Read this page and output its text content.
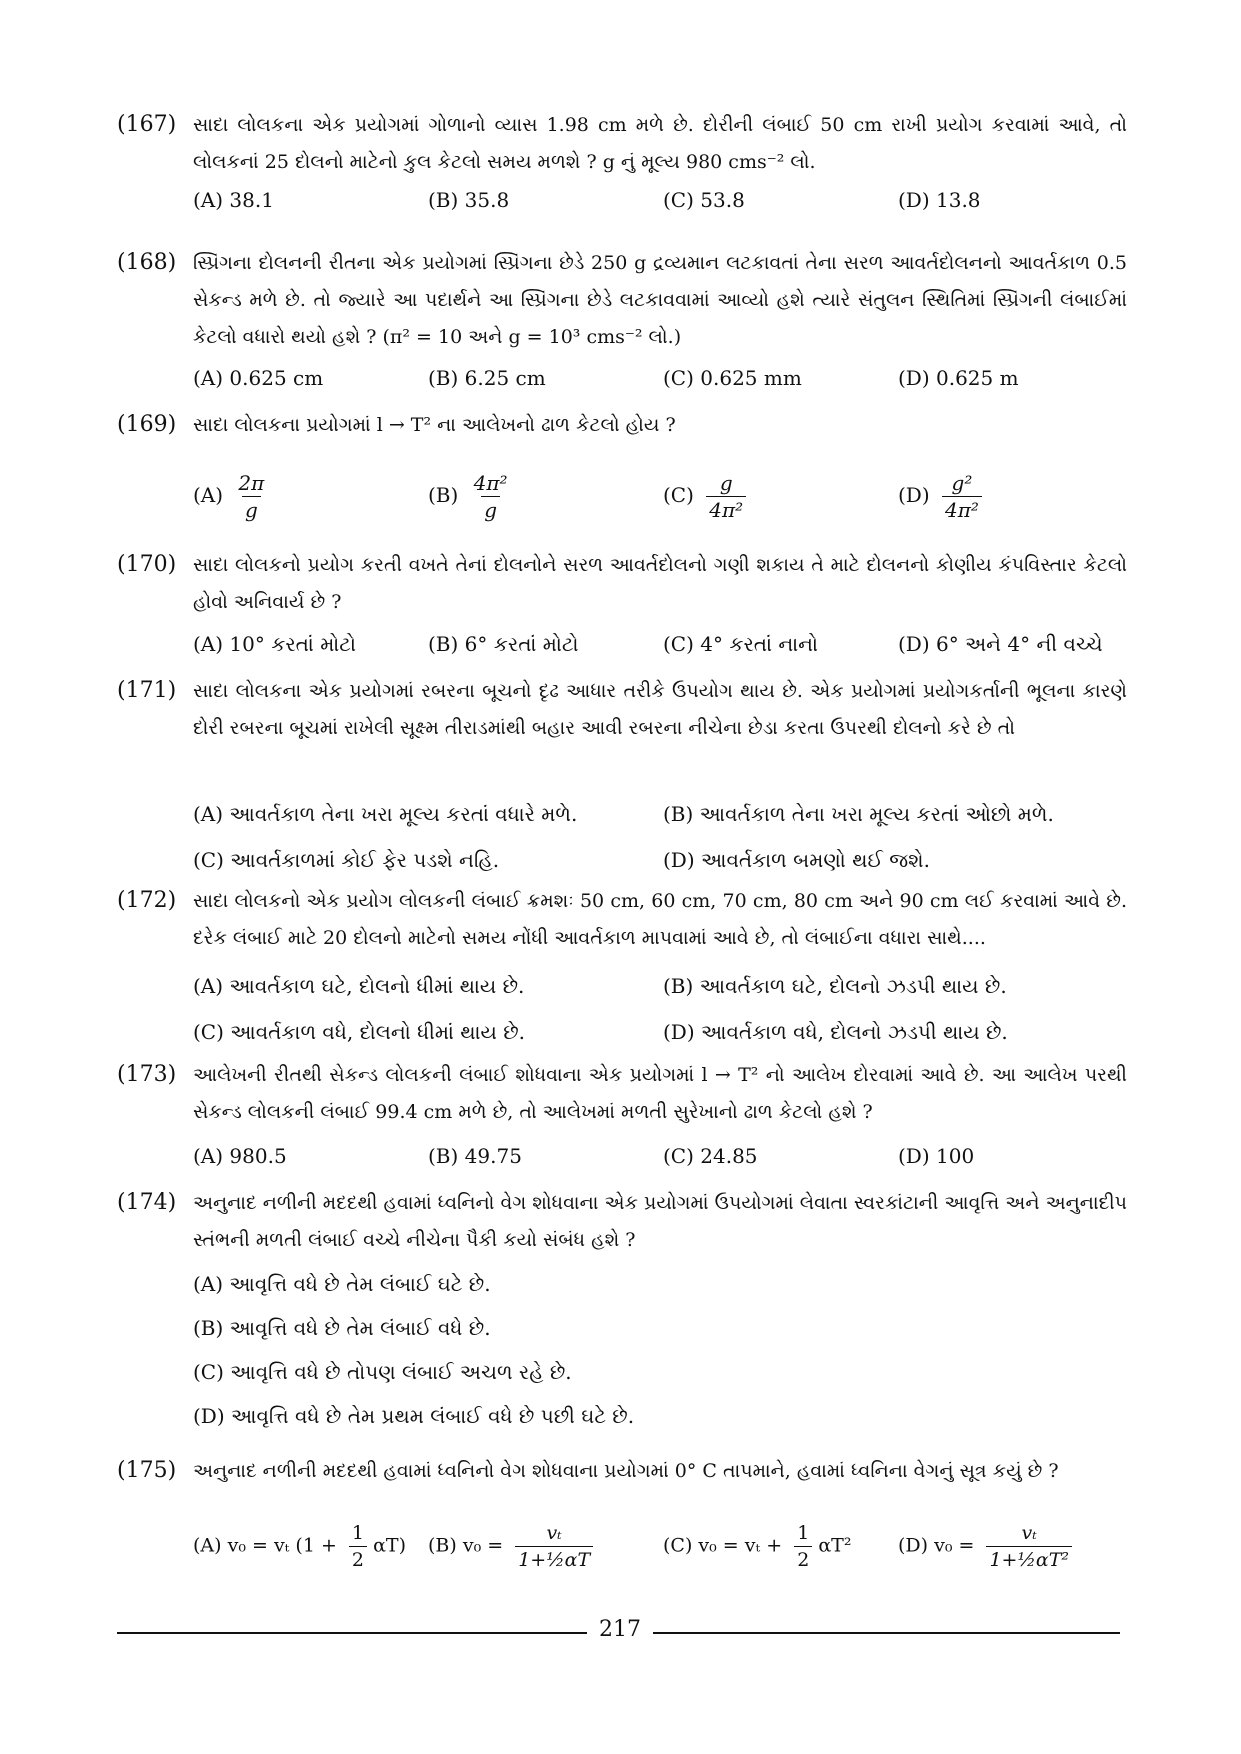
(167) સાદા લોલકના એક પ્રયોગમાં ગોળાનો વ્યાસ 1.98 cm મળે છે. દોરીની લંબાઈ 50 cm રાખી પ્રયોગ કરવામાં આવે, તો લોલકનાં 25 દોલનો માટેનો કુલ કેટલો સમય મળશે ? g નું મૂલ્ય 980 cms⁻² લો.
(A) 38.1	(B) 35.8	(C) 53.8	(D) 13.8
(168) સ્પ્રિંગના દોલનની રીતના એક પ્રયોગમાં સ્પ્રિંગના છેડે 250 g દ્રવ્યમાન લટકાવતાં તેના સરળ આવર્તદોલનનો આવર્તકાળ 0.5 સેકન્ડ મળે છે. તો જ્યારે આ પદાર્થને આ સ્પ્રિંગના છેડે લટકાવવામાં આવ્યો હશે ત્યારે સંતુલન સ્થિતિમાં સ્પ્રિંગની લંબાઈમાં કેટલો વધારો થયો હશે ? (π² = 10 અને g = 10³ cms⁻² લો.)
(A) 0.625 cm	(B) 6.25 cm	(C) 0.625 mm	(D) 0.625 m
(169) સાદા લોલકના પ્રયોગમાં l → T² ના આલેખનો ઢાળ કેટલો હોય ?
$(A) \frac{2\pi}{g}$	$(B) \frac{\text{4π²}}{g}$	$(C) \frac{g}{\text{4π²}}$	$(D) \frac{\text{g²}}{\text{4π²}}$
(170) સાદા લોલકનો પ્રયોગ કરતી વખતે તેનાં દોલનોને સરળ આવર્તદોલનો ગણી શકાય તે માટે દોલનનો કોણીય કંપવિસ્તાર કેટલો હોવો અનિવાર્ય છે ?
(A) 10° કરતાં મોટો	(B) 6° કરતાં મોટો	(C) 4° કરતાં નાનો	(D) 6° અને 4° ની વચ્ચે
(171) સાદા લોલકના એક પ્રયોગમાં રબરના બૂચનો દૃઢ આધાર તરીકે ઉપયોગ થાય છે. એક પ્રયોગમાં પ્રયોગકર્તાની ભૂલના કારણે દોરી રબરના બૂચમાં રાખેલી સૂક્ષ્મ તીરાડમાંથી બહાર આવી રબરના નીચેના છેડા કરતા ઉપરથી દોલનો કરે છે તો
(A) આવર્તકાળ તેના ખરા મૂલ્ય કરતાં વધારે મળે.	(B) આવર્તકાળ તેના ખરા મૂલ્ય કરતાં ઓછો મળે.
(C) આવર્તકાળમાં કોઈ ફેર પડશે નહિ.	(D) આવર્તકાળ બમણો થઈ જશે.
(172) સાદા લોલકનો એક પ્રયોગ લોલકની લંબાઈ ક્રમશઃ 50 cm, 60 cm, 70 cm, 80 cm અને 90 cm લઈ કરવામાં આવે છે. દરેક લંબાઈ માટે 20 દોલનો માટેનો સમય નોંધી આવર્તકાળ માપવામાં આવે છે, તો લંબાઈના વધારા સાથે....
(A) આવર્તકાળ ઘટે, દોલનો ધીમાં થાય છે.	(B) આવર્તકાળ ઘટે, દોલનો ઝડપી થાય છે.
(C) આવર્તકાળ વધે, દોલનો ધીમાં થાય છે.	(D) આવર્તકાળ વધે, દોલનો ઝડપી થાય છે.
(173) આલેખની રીતથી સેકન્ડ લોલકની લંબાઈ શોધવાના એક પ્રયોગમાં l → T² નો આલેખ દોરવામાં આવે છે. આ આલેખ પરથી સેકન્ડ લોલકની લંબાઈ 99.4 cm મળે છે, તો આલેખમાં મળતી સુરેખાનો ઢાળ કેટલો હશે ?
(A) 980.5	(B) 49.75	(C) 24.85	(D) 100
(174) અનુનાદ નળીની મદદથી હવામાં ધ્વનિનો વેગ શોધવાના એક પ્રયોગમાં ઉપયોગમાં લેવાતા સ્વરકાંટાની આવૃત્તિ અને અનુનાદીપ સ્તંભની મળતી લંબાઈ વચ્ચે નીચેના પૈકી કયો સંબંધ હશે ?
(A) આવૃત્તિ વધે છે તેમ લંબાઈ ઘટે છે.
(B) આવૃત્તિ વધે છે તેમ લંબાઈ વધે છે.
(C) આવૃત્તિ વધે છે તોપણ લંબાઈ અચળ રહે છે.
(D) આવૃત્તિ વધે છે તેમ પ્રથમ લંબાઈ વધે છે પછી ઘટે છે.
(175) અનુનાદ નળીની મદદથી હવામાં ધ્વનિનો વેગ શોધવાના પ્રયોગમાં 0° C તાપમાને, હવામાં ધ્વનિના વેગનું સૂત્ર કયું છે ?
(A) v₀ = vₜ $(1 + \frac{1}{2} \alpha T)$ (B) $v_0 = \frac{\text{vₜ}}{\text{1+½αT}}$	(C) $v_0 = v_t + \frac{1}{2} \alpha T^2$ (D) $v_0 = \frac{\text{vₜ}}{\text{1+½αT²}}$
217
